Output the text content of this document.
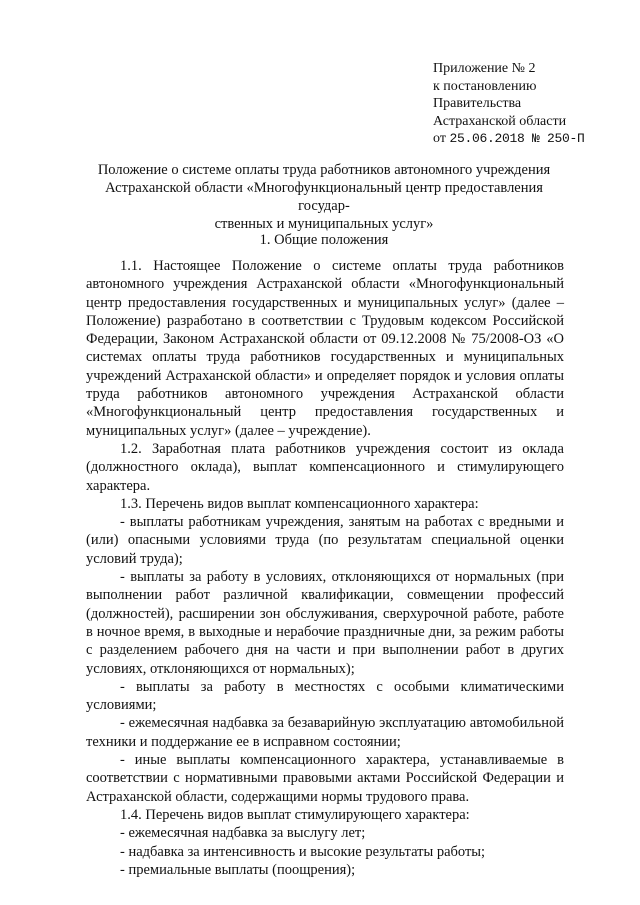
Приложение № 2
к постановлению
Правительства
Астраханской области
от 25.06.2018 № 250-П
Положение о системе оплаты труда работников автономного учреждения
Астраханской области «Многофункциональный центр предоставления государ-
ственных и муниципальных услуг»
1. Общие положения

1.1. Настоящее Положение о системе оплаты труда работников автономного учреждения Астраханской области «Многофункциональный центр предоставления государственных и муниципальных услуг» (далее – Положение) разработано в соответствии с Трудовым кодексом Российской Федерации, Законом Астраханской области от 09.12.2008 № 75/2008-ОЗ «О системах оплаты труда работников государственных и муниципальных учреждений Астраханской области» и определяет порядок и условия оплаты труда работников автономного учреждения Астраханской области «Многофункциональный центр предоставления государственных и муниципальных услуг» (далее – учреждение).

1.2. Заработная плата работников учреждения состоит из оклада (должностного оклада), выплат компенсационного и стимулирующего характера.

1.3. Перечень видов выплат компенсационного характера:

- выплаты работникам учреждения, занятым на работах с вредными и (или) опасными условиями труда (по результатам специальной оценки условий труда);

- выплаты за работу в условиях, отклоняющихся от нормальных (при выполнении работ различной квалификации, совмещении профессий (должностей), расширении зон обслуживания, сверхурочной работе, работе в ночное время, в выходные и нерабочие праздничные дни, за режим работы с разделением рабочего дня на части и при выполнении работ в других условиях, отклоняющихся от нормальных);

- выплаты за работу в местностях с особыми климатическими условиями;

- ежемесячная надбавка за безаварийную эксплуатацию автомобильной техники и поддержание ее в исправном состоянии;

- иные выплаты компенсационного характера, устанавливаемые в соответствии с нормативными правовыми актами Российской Федерации и Астраханской области, содержащими нормы трудового права.

1.4. Перечень видов выплат стимулирующего характера:

- ежемесячная надбавка за выслугу лет;

- надбавка за интенсивность и высокие результаты работы;

- премиальные выплаты (поощрения);
